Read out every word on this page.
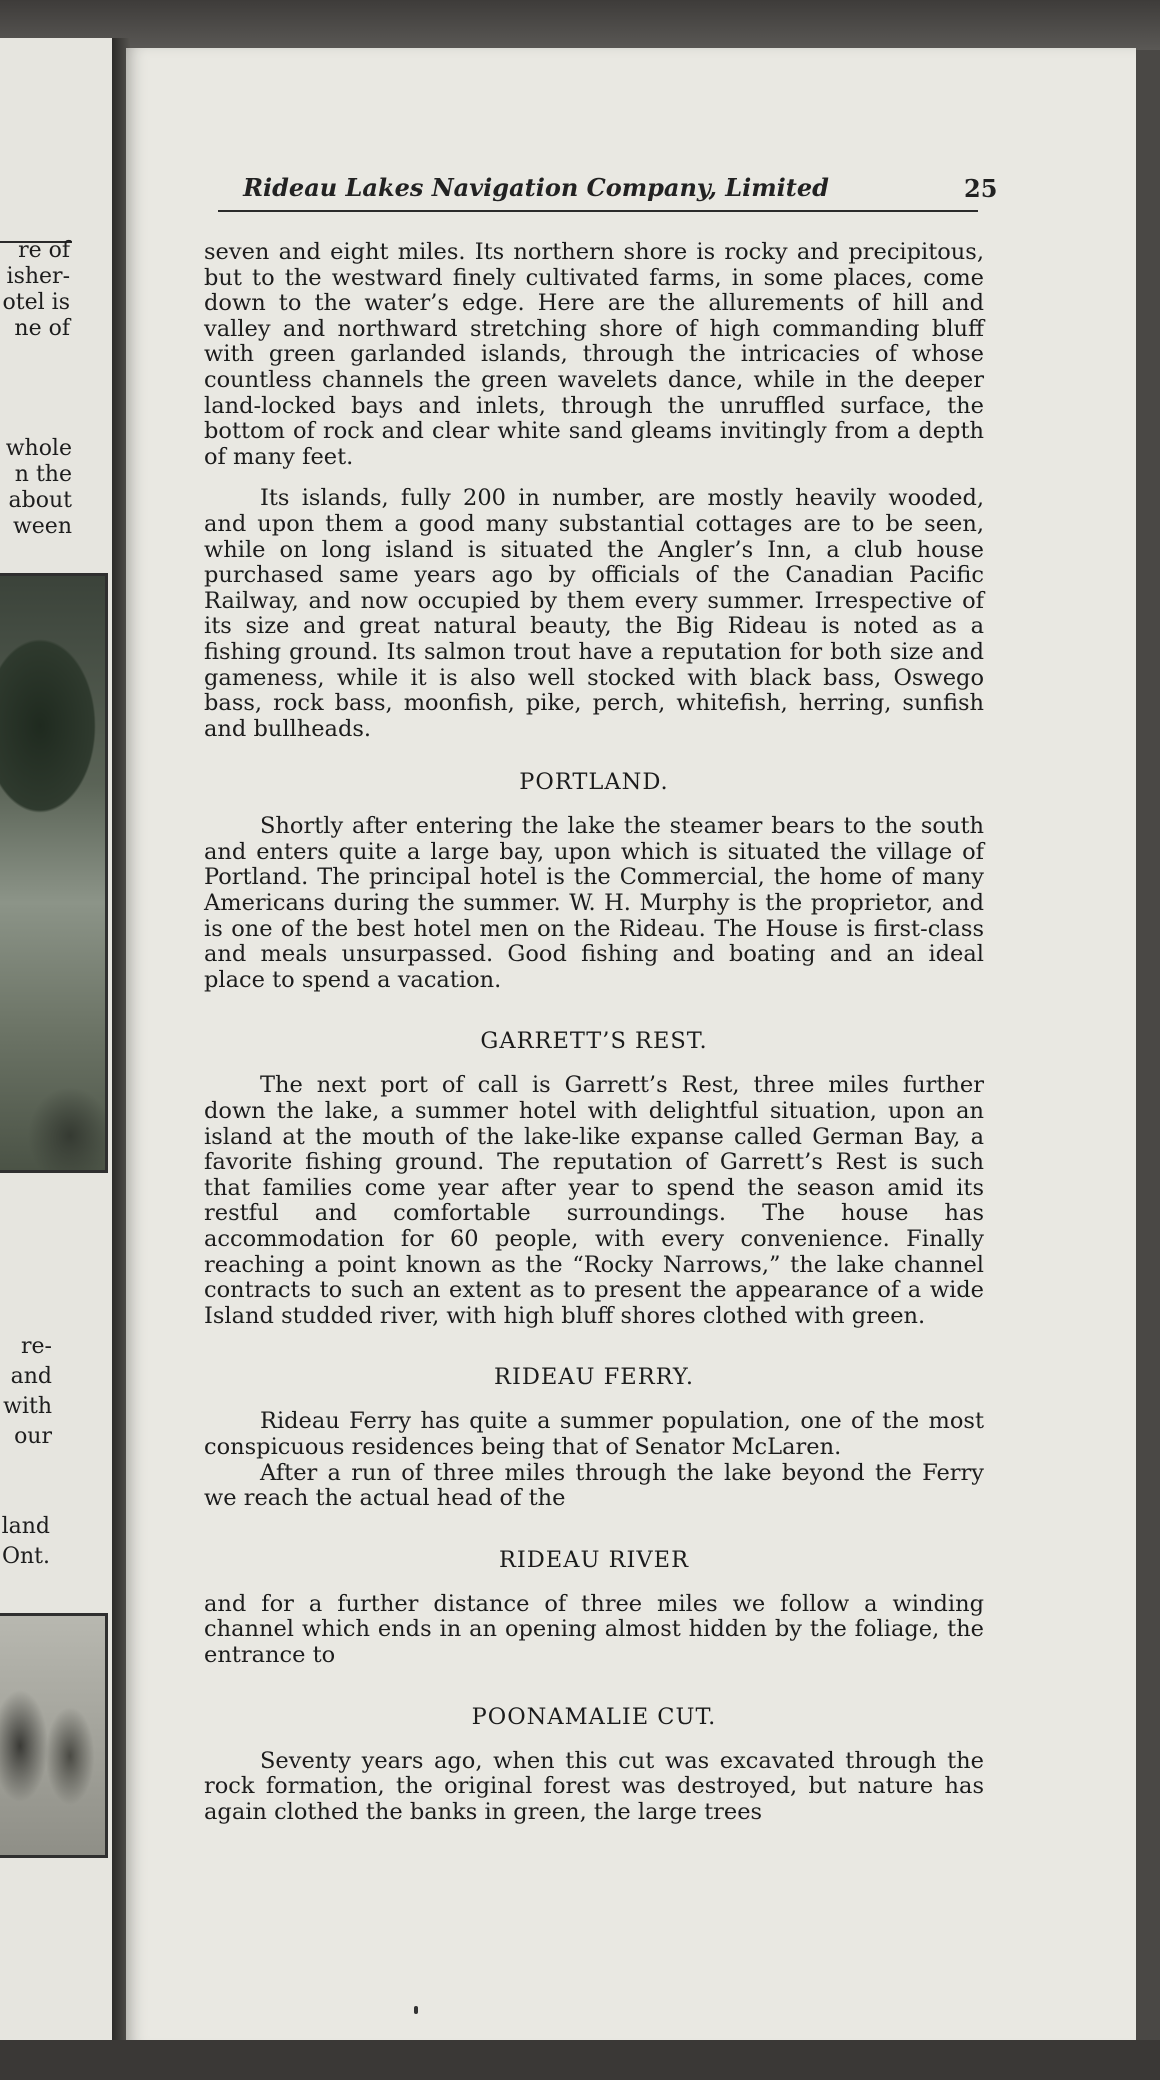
re of

isher-

otel is

ne of

whole

n the

about

ween

re-

and

with

our

land

Ont.

Rideau Lakes Navigation Company, Limited	25

seven and eight miles. Its northern shore is rocky and precipitous, but to the westward finely cultivated farms, in some places, come down to the water’s edge. Here are the allurements of hill and valley and northward stretching shore of high commanding bluff with green garlanded islands, through the intricacies of whose countless channels the green wavelets dance, while in the deeper land-locked bays and inlets, through the unruffled surface, the bottom of rock and clear white sand gleams invitingly from a depth of many feet.

Its islands, fully 200 in number, are mostly heavily wooded, and upon them a good many substantial cottages are to be seen, while on long island is situated the Angler’s Inn, a club house purchased same years ago by officials of the Canadian Pacific Railway, and now occupied by them every summer. Irrespective of its size and great natural beauty, the Big Rideau is noted as a fishing ground. Its salmon trout have a reputation for both size and gameness, while it is also well stocked with black bass, Oswego bass, rock bass, moonfish, pike, perch, whitefish, herring, sunfish and bullheads.

PORTLAND.

Shortly after entering the lake the steamer bears to the south and enters quite a large bay, upon which is situated the village of Portland. The principal hotel is the Commercial, the home of many Americans during the summer. W. H. Murphy is the proprietor, and is one of the best hotel men on the Rideau. The House is first-class and meals unsurpassed. Good fishing and boating and an ideal place to spend a vacation.

GARRETT’S REST.

The next port of call is Garrett’s Rest, three miles further down the lake, a summer hotel with delightful situation, upon an island at the mouth of the lake-like expanse called German Bay, a favorite fishing ground. The reputation of Garrett’s Rest is such that families come year after year to spend the season amid its restful and comfortable surroundings. The house has accommodation for 60 people, with every convenience. Finally reaching a point known as the “Rocky Narrows,” the lake channel contracts to such an extent as to present the appearance of a wide Island studded river, with high bluff shores clothed with green.

RIDEAU FERRY.

Rideau Ferry has quite a summer population, one of the most conspicuous residences being that of Senator McLaren.

After a run of three miles through the lake beyond the Ferry we reach the actual head of the

RIDEAU RIVER

and for a further distance of three miles we follow a winding channel which ends in an opening almost hidden by the foliage, the entrance to

POONAMALIE CUT.

Seventy years ago, when this cut was excavated through the rock formation, the original forest was destroyed, but nature has again clothed the banks in green, the large trees
